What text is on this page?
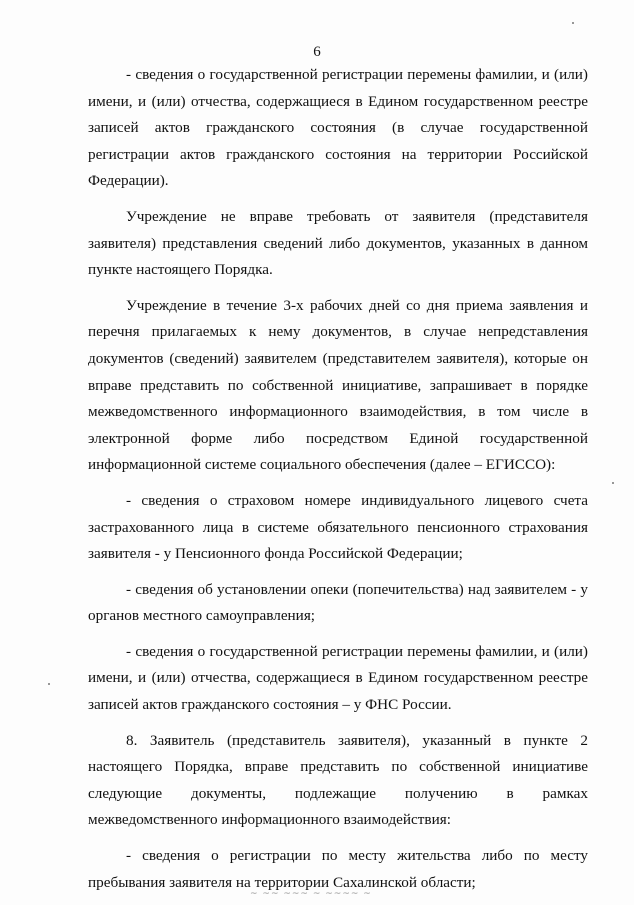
6

- сведения о государственной регистрации перемены фамилии, и (или) имени, и (или) отчества, содержащиеся в Едином государственном реестре записей актов гражданского состояния (в случае государственной регистрации актов гражданского состояния на территории Российской Федерации).

Учреждение не вправе требовать от заявителя (представителя заявителя) представления сведений либо документов, указанных в данном пункте настоящего Порядка.

Учреждение в течение 3-х рабочих дней со дня приема заявления и перечня прилагаемых к нему документов, в случае непредставления документов (сведений) заявителем (представителем заявителя), которые он вправе представить по собственной инициативе, запрашивает в порядке межведомственного информационного взаимодействия, в том числе в электронной форме либо посредством Единой государственной информационной системе социального обеспечения (далее – ЕГИССО):

- сведения о страховом номере индивидуального лицевого счета застрахованного лица в системе обязательного пенсионного страхования заявителя - у Пенсионного фонда Российской Федерации;

- сведения об установлении опеки (попечительства) над заявителем - у органов местного самоуправления;

- сведения о государственной регистрации перемены фамилии, и (или) имени, и (или) отчества, содержащиеся в Едином государственном реестре записей актов гражданского состояния – у ФНС России.

8. Заявитель (представитель заявителя), указанный в пункте 2 настоящего Порядка, вправе представить по собственной инициативе следующие документы, подлежащие получению в рамках межведомственного информационного взаимодействия:

- сведения о регистрации по месту жительства либо по месту пребывания заявителя на территории Сахалинской области;

~ ~~ ~~~ ~ ~~~~ ~
